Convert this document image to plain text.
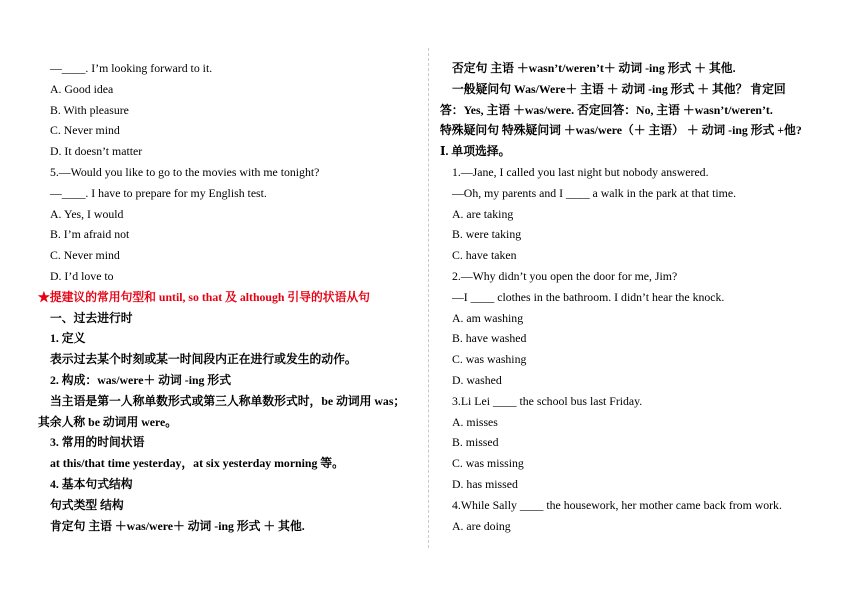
—____. I’m looking forward to it.
A. Good idea
B. With pleasure
C. Never mind
D. It doesn’t matter
5.—Would you like to go to the movies with me tonight?
—____. I have to prepare for my English test.
A. Yes, I would
B. I’m afraid not
C. Never mind
D. I’d love to
★提建议的常用句型和 until, so that 及 although 引导的状语从句
一、过去进行时
1. 定义
表示过去某个时刻或某一时间段内正在进行或发生的动作。
2. 构成：was/were＋ 动词 -ing 形式
当主语是第一人称单数形式或第三人称单数形式时，be 动词用 was；
其余人称 be 动词用 were。
3. 常用的时间状语
at this/that time yesterday，at six yesterday morning 等。
4. 基本句式结构
句式类型 结构
肯定句 主语 ＋was/were＋ 动词 -ing 形式 ＋ 其他.
否定句 主语 ＋wasn’t/weren’t＋ 动词 -ing 形式 ＋ 其他.
一般疑问句 Was/Were＋ 主语 ＋ 动词 -ing 形式 ＋ 其他？ 肯定回
答：Yes, 主语 ＋was/were. 否定回答：No, 主语 ＋wasn’t/weren’t.
特殊疑问句 特殊疑问词 ＋was/were（＋ 主语） ＋ 动词 -ing 形式 +他?
Ⅰ. 单项选择。
1.—Jane, I called you last night but nobody answered.
—Oh, my parents and I ____ a walk in the park at that time.
A. are taking
B. were taking
C. have taken
2.—Why didn’t you open the door for me, Jim?
—I ____ clothes in the bathroom. I didn’t hear the knock.
A. am washing
B. have washed
C. was washing
D. washed
3.Li Lei ____ the school bus last Friday.
A. misses
B. missed
C. was missing
D. has missed
4.While Sally ____ the housework, her mother came back from work.
A. are doing
